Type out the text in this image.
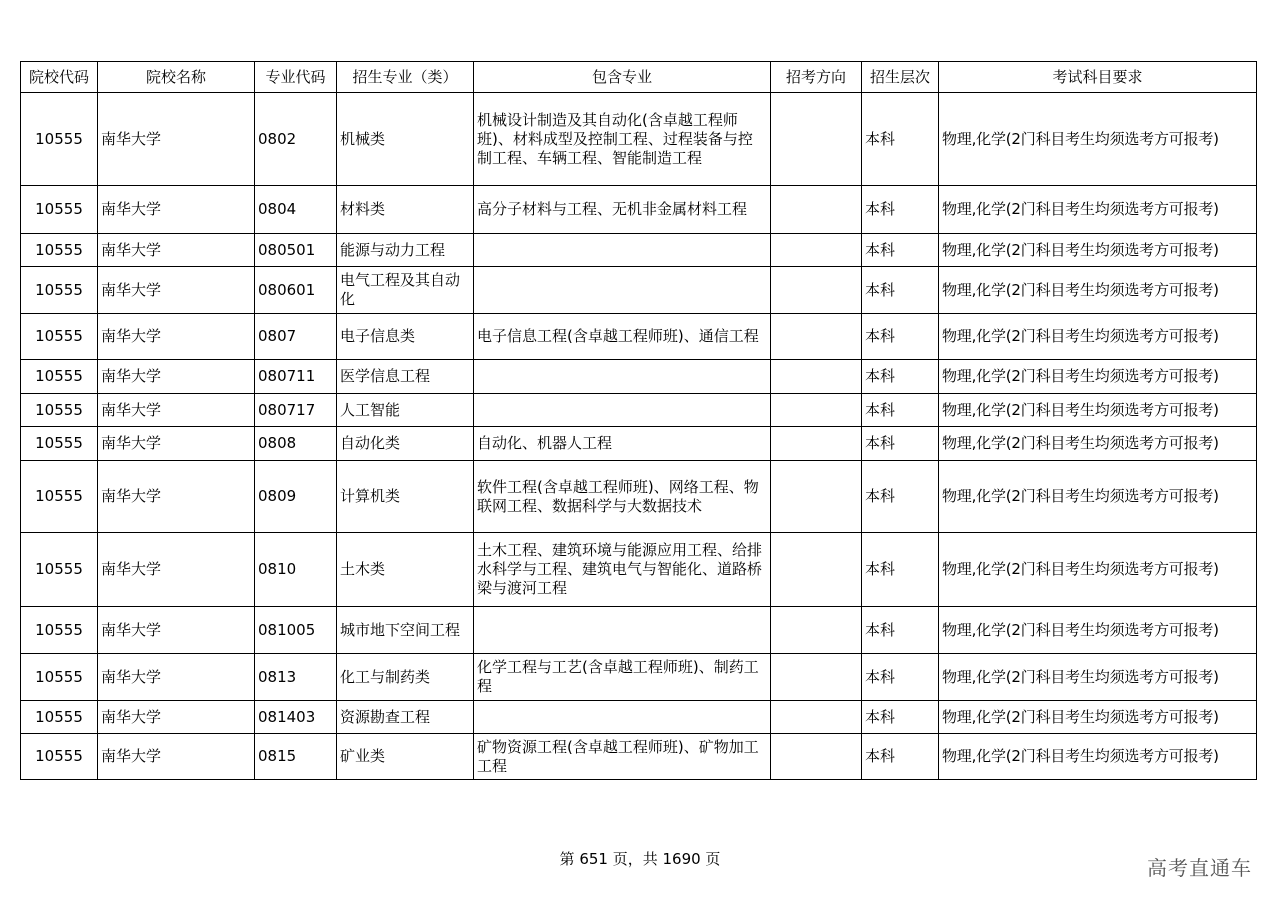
院校代码	院校名称	专业代码	招生专业（类）	包含专业	招考方向	招生层次	考试科目要求
10555	南华大学	0802	机械类	机械设计制造及其自动化(含卓越工程师班)、材料成型及控制工程、过程装备与控制工程、车辆工程、智能制造工程		本科	物理,化学(2门科目考生均须选考方可报考)
10555	南华大学	0804	材料类	高分子材料与工程、无机非金属材料工程		本科	物理,化学(2门科目考生均须选考方可报考)
10555	南华大学	080501	能源与动力工程			本科	物理,化学(2门科目考生均须选考方可报考)
10555	南华大学	080601	电气工程及其自动化			本科	物理,化学(2门科目考生均须选考方可报考)
10555	南华大学	0807	电子信息类	电子信息工程(含卓越工程师班)、通信工程		本科	物理,化学(2门科目考生均须选考方可报考)
10555	南华大学	080711	医学信息工程			本科	物理,化学(2门科目考生均须选考方可报考)
10555	南华大学	080717	人工智能			本科	物理,化学(2门科目考生均须选考方可报考)
10555	南华大学	0808	自动化类	自动化、机器人工程		本科	物理,化学(2门科目考生均须选考方可报考)
10555	南华大学	0809	计算机类	软件工程(含卓越工程师班)、网络工程、物联网工程、数据科学与大数据技术		本科	物理,化学(2门科目考生均须选考方可报考)
10555	南华大学	0810	土木类	土木工程、建筑环境与能源应用工程、给排水科学与工程、建筑电气与智能化、道路桥梁与渡河工程		本科	物理,化学(2门科目考生均须选考方可报考)
10555	南华大学	081005	城市地下空间工程			本科	物理,化学(2门科目考生均须选考方可报考)
10555	南华大学	0813	化工与制药类	化学工程与工艺(含卓越工程师班)、制药工程		本科	物理,化学(2门科目考生均须选考方可报考)
10555	南华大学	081403	资源勘查工程			本科	物理,化学(2门科目考生均须选考方可报考)
10555	南华大学	0815	矿业类	矿物资源工程(含卓越工程师班)、矿物加工工程		本科	物理,化学(2门科目考生均须选考方可报考)
第 651 页，共 1690 页	高考直通车
